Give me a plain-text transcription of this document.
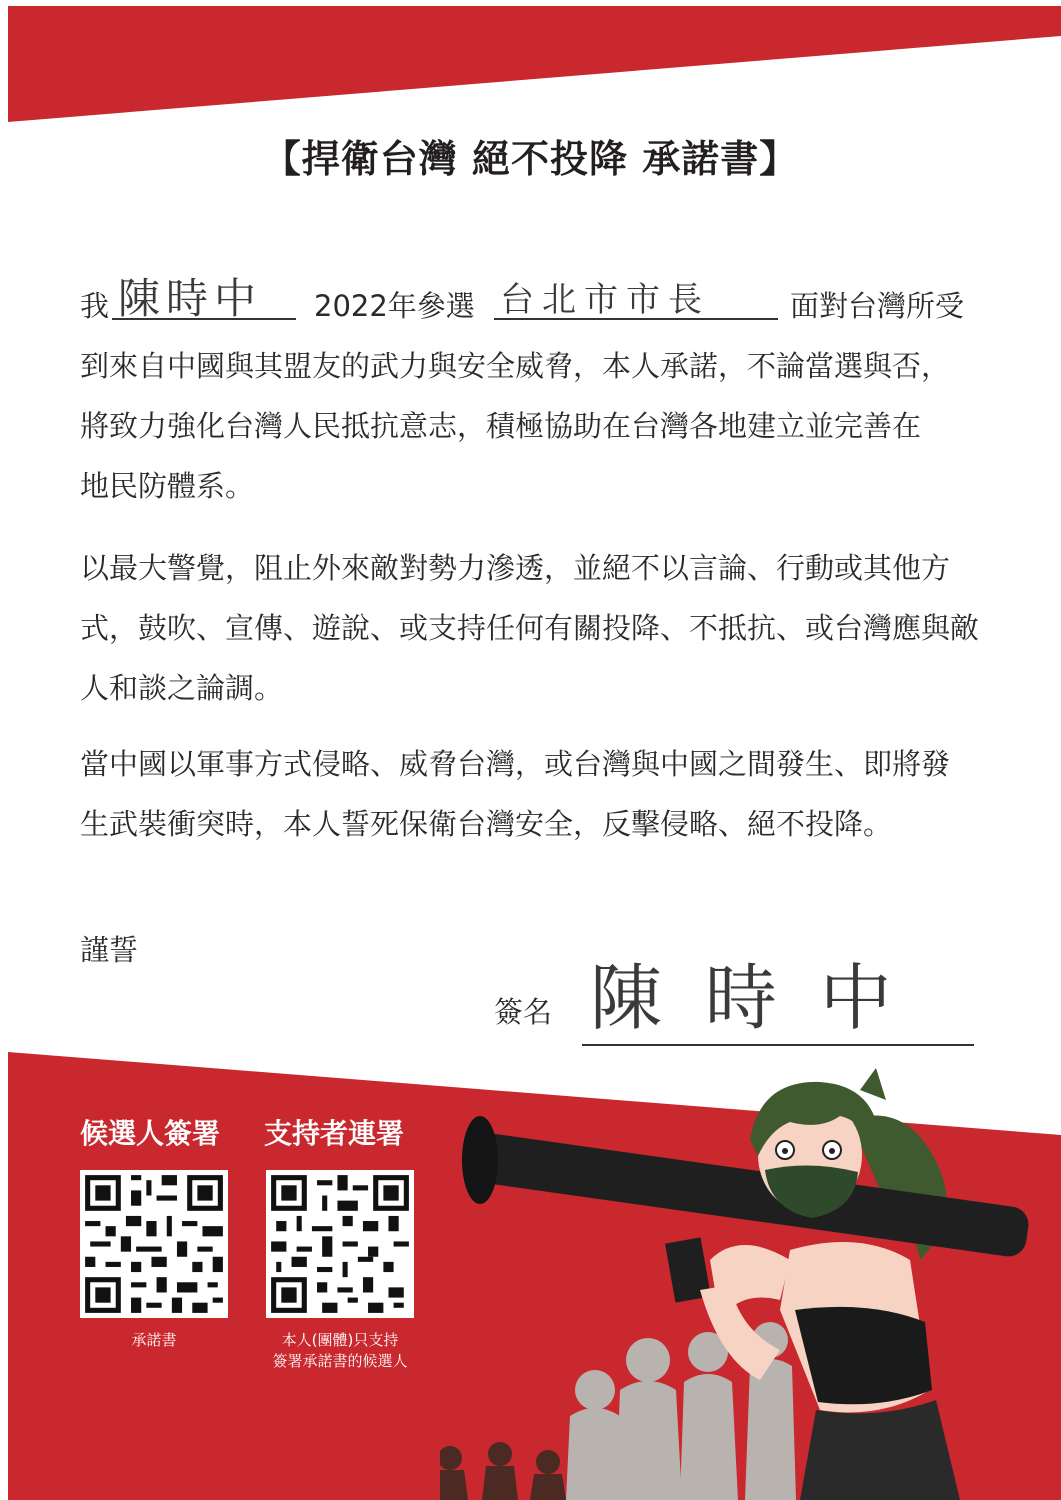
【捍衛台灣 絕不投降 承諾書】
我 陳時中 2022年參選 台北市市長	面對台灣所受
到來自中國與其盟友的武力與安全威脅，本人承諾，不論當選與否，
將致力強化台灣人民抵抗意志，積極協助在台灣各地建立並完善在
地民防體系。
以最大警覺，阻止外來敵對勢力滲透，並絕不以言論、行動或其他方
式，鼓吹、宣傳、遊說、或支持任何有關投降、不抵抗、或台灣應與敵
人和談之論調。
當中國以軍事方式侵略、威脅台灣，或台灣與中國之間發生、即將發
生武裝衝突時，本人誓死保衛台灣安全，反擊侵略、絕不投降。
謹誓
簽名 陳 時 中
候選人簽署 支持者連署
承諾書	本人(團體)只支持
簽署承諾書的候選人
